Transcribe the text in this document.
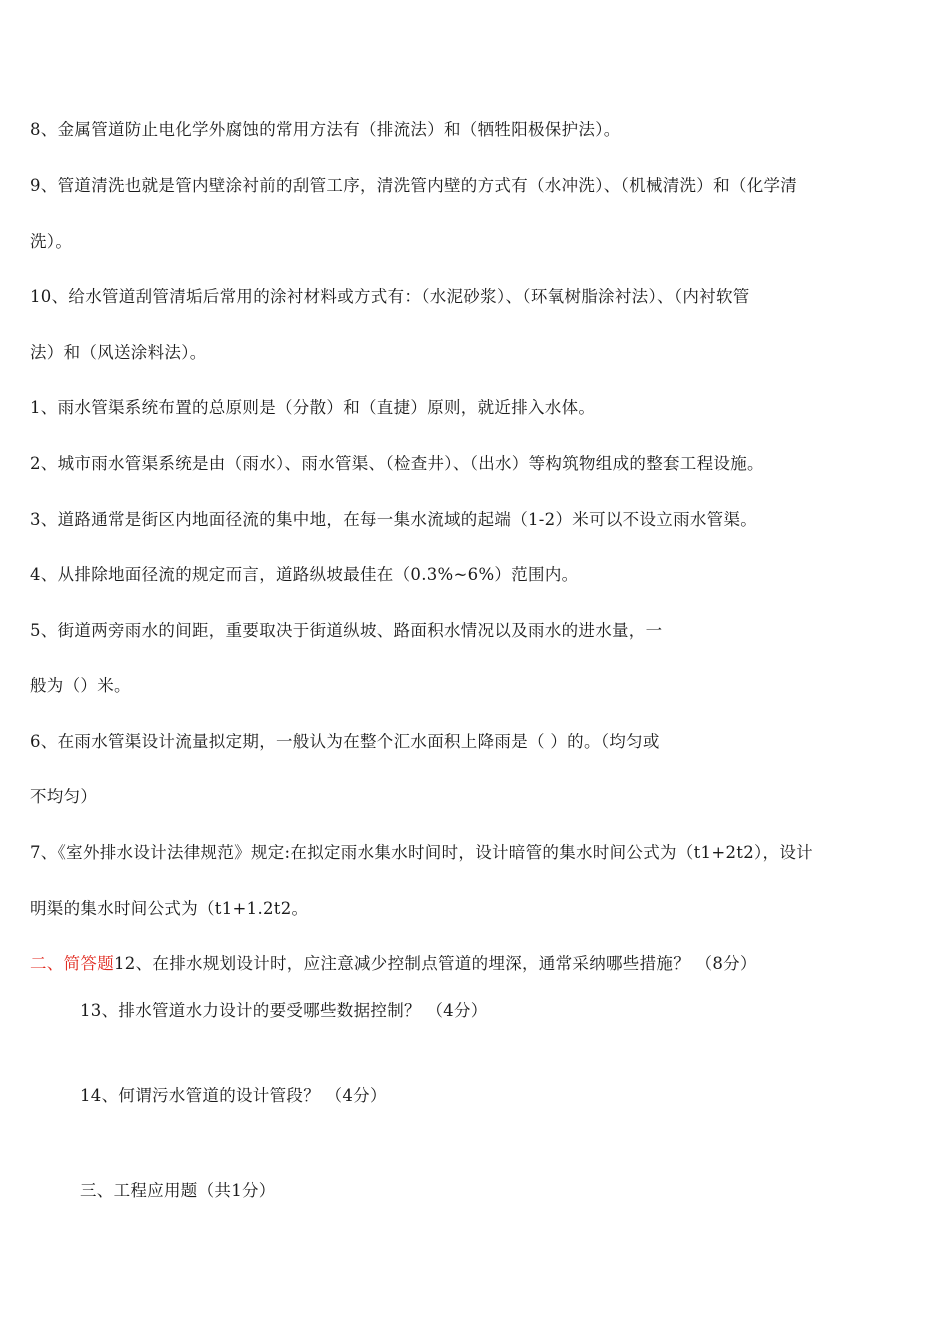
8、金属管道防止电化学外腐蚀的常用方法有（排流法）和（牺牲阳极保护法）。
9、管道清洗也就是管内壁涂衬前的刮管工序，清洗管内壁的方式有（水冲洗）、（机械清洗）和（化学清
洗）。
10、给水管道刮管清垢后常用的涂衬材料或方式有：（水泥砂浆）、（环氧树脂涂衬法）、（内衬软管
法）和（风送涂料法）。
1、雨水管渠系统布置的总原则是（分散）和（直捷）原则，就近排入水体。
2、城市雨水管渠系统是由（雨水）、雨水管渠、（检查井）、（出水）等构筑物组成的整套工程设施。
3、道路通常是街区内地面径流的集中地，在每一集水流域的起端（1-2）米可以不设立雨水管渠。
4、从排除地面径流的规定而言，道路纵坡最佳在（0.3%~6%）范围内。
5、街道两旁雨水的间距，重要取决于街道纵坡、路面积水情况以及雨水的进水量，一
般为（）米。
6、在雨水管渠设计流量拟定期，一般认为在整个汇水面积上降雨是（ ）的。（均匀或
不均匀）
7、《室外排水设计法律规范》规定:在拟定雨水集水时间时，设计暗管的集水时间公式为（t1+2t2），设计
明渠的集水时间公式为（t1+1.2t2。
二、简答题12、在排水规划设计时，应注意减少控制点管道的埋深，通常采纳哪些措施？ （8分）
13、排水管道水力设计的要受哪些数据控制？ （4分）
14、何谓污水管道的设计管段？ （4分）
三、工程应用题（共1分）
